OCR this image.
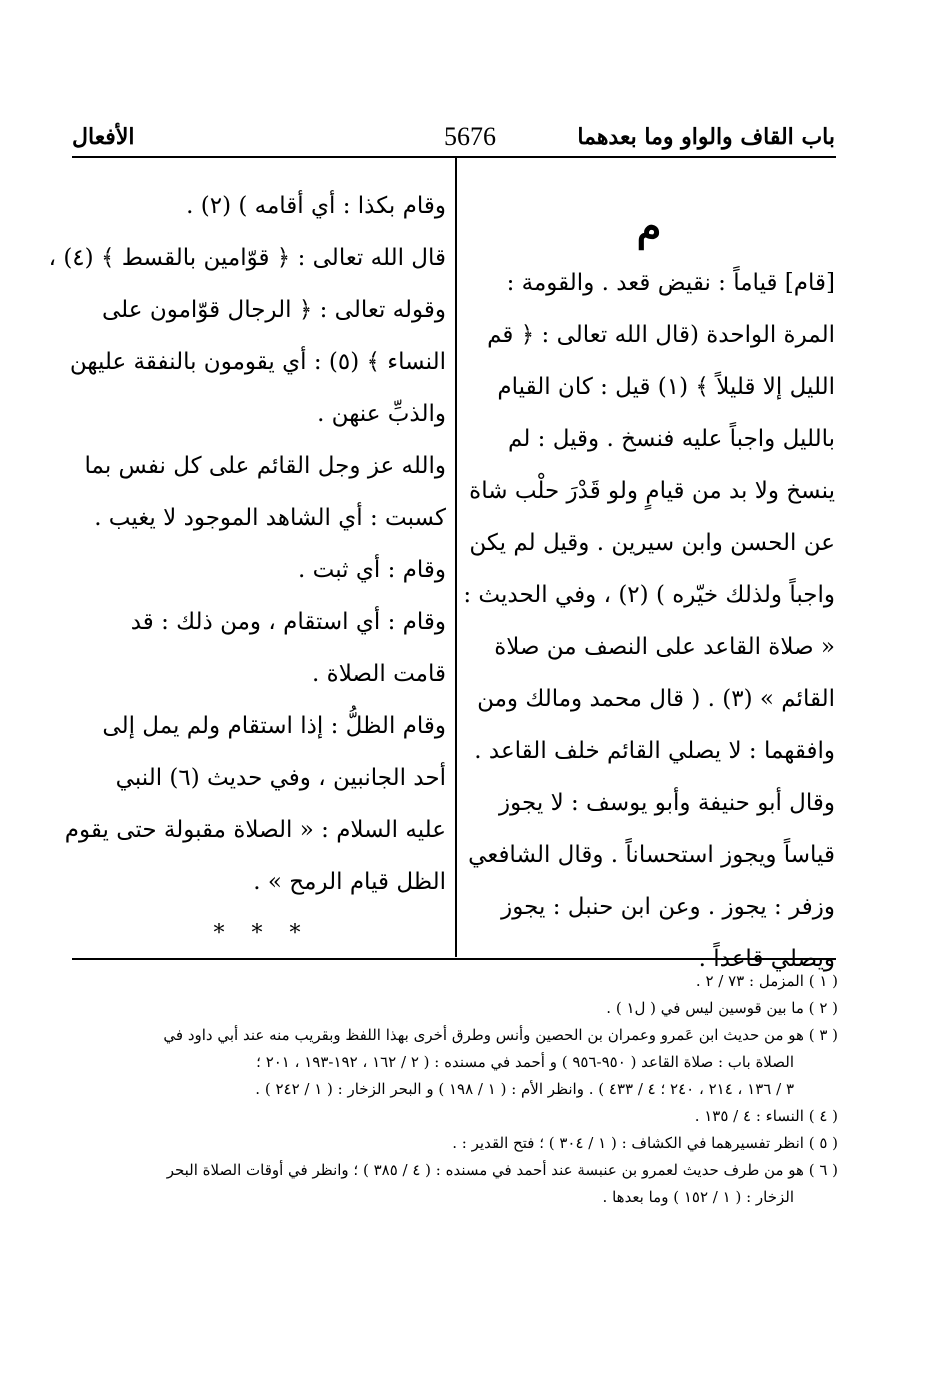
باب القاف والواو وما بعدهما
5676
الأفعال
م
[قام] قياماً : نقيض قعد . والقومة :
المرة الواحدة (قال الله تعالى : ﴿ قم
الليل إلا قليلاً ﴾ (١) قيل : كان القيام
بالليل واجباً عليه فنسخ . وقيل : لم
ينسخ ولا بد من قيامٍ ولو قَدْرَ حلْب شاة
عن الحسن وابن سيرين . وقيل لم يكن
واجباً ولذلك خيّره ) (٢) ، وفي الحديث :
« صلاة القاعد على النصف من صلاة
القائم » (٣) . ( قال محمد ومالك ومن
وافقهما : لا يصلي القائم خلف القاعد .
وقال أبو حنيفة وأبو يوسف : لا يجوز
قياساً ويجوز استحساناً . وقال الشافعي
وزفر : يجوز . وعن ابن حنبل : يجوز
ويصلي قاعداً .
وقام بكذا : أي أقامه ) (٢) .
قال الله تعالى : ﴿ قوّامين بالقسط ﴾ (٤) ،
وقوله تعالى : ﴿ الرجال قوّامون على
النساء ﴾ (٥) : أي يقومون بالنفقة عليهن
والذبِّ عنهن .
والله عز وجل القائم على كل نفس بما
كسبت : أي الشاهد الموجود لا يغيب .
وقام : أي ثبت .
وقام : أي استقام ، ومن ذلك : قد
قامت الصلاة .
وقام الظلُّ : إذا استقام ولم يمل إلى
أحد الجانبين ، وفي حديث (٦) النبي
عليه السلام : « الصلاة مقبولة حتى يقوم
الظل قيام الرمح » .
* * *
( ١ ) المزمل : ٧٣ / ٢ .
( ٢ ) ما بين قوسين ليس في ( ل١ ) .
( ٣ ) هو من حديث ابن عَمرو وعمران بن الحصين وأنس وطرق أخرى بهذا اللفظ وبقريب منه عند أبي داود في
الصلاة باب : صلاة القاعد ( ٩٥٠-٩٥٦ ) و أحمد في مسنده : ( ٢ / ١٦٢ ، ١٩٢-١٩٣ ، ٢٠١ ؛
٣ / ١٣٦ ، ٢١٤ ، ٢٤٠ ؛ ٤ / ٤٣٣ ) . وانظر الأم : ( ١ / ١٩٨ ) و البحر الزخار : ( ١ / ٢٤٢ ) .
( ٤ ) النساء : ٤ / ١٣٥ .
( ٥ ) انظر تفسيرهما في الكشاف : ( ١ / ٣٠٤ ) ؛ فتح القدير : .
( ٦ ) هو من طرف حديث لعمرو بن عنبسة عند أحمد في مسنده : ( ٤ / ٣٨٥ ) ؛ وانظر في أوقات الصلاة البحر
الزخار : ( ١ / ١٥٢ ) وما بعدها .
